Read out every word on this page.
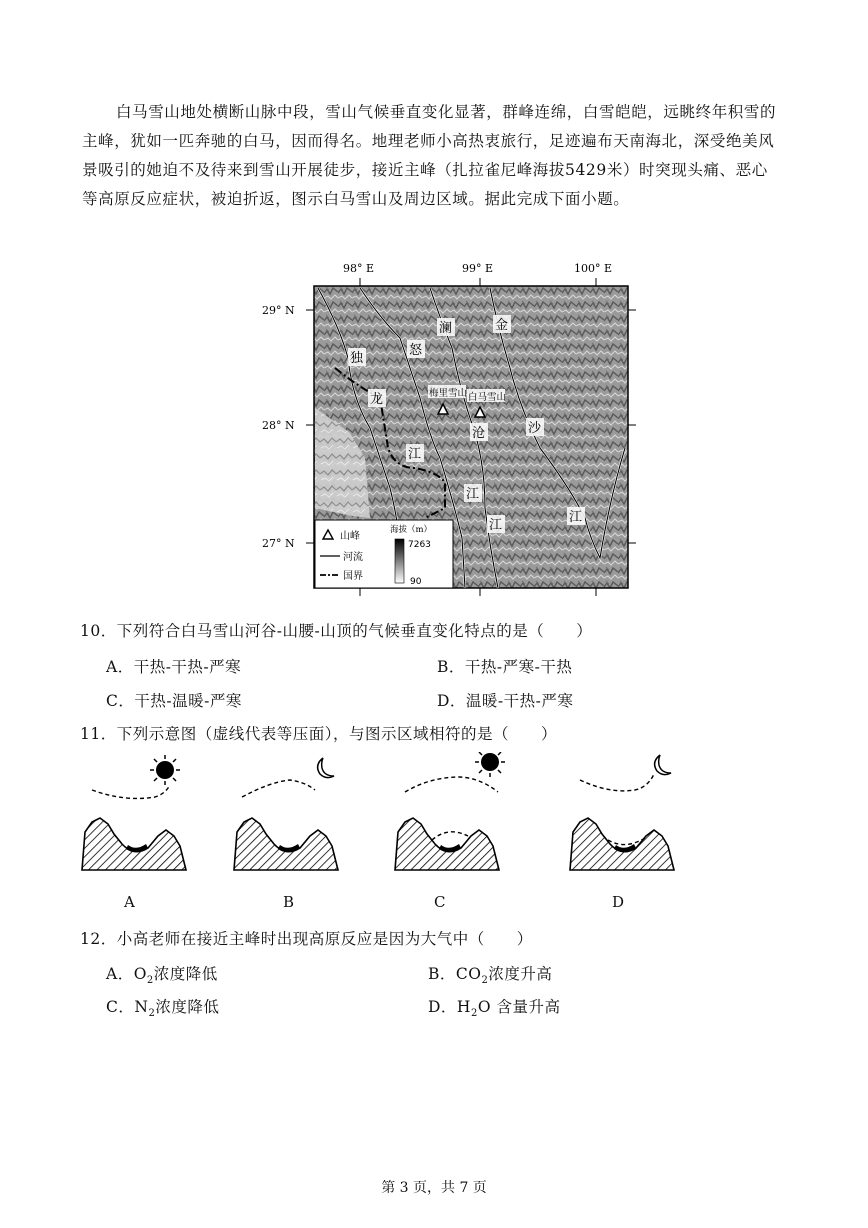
白马雪山地处横断山脉中段，雪山气候垂直变化显著，群峰连绵，白雪皑皑，远眺终年积雪的主峰，犹如一匹奔驰的白马，因而得名。地理老师小高热衷旅行，足迹遍布天南海北，深受绝美风景吸引的她迫不及待来到雪山开展徒步，接近主峰（扎拉雀尼峰海拔5429米）时突现头痛、恶心等高原反应症状，被迫折返，图示白马雪山及周边区域。据此完成下面小题。

独
龙
江
怒
江
澜
沧
江
金
沙
江
梅里雪山 白马雪山
山峰
河流
国界
海拔（m）
7263
90
98° E	99° E	100° E
29° N
28° N
27° N
10．下列符合白马雪山河谷-山腰-山顶的气候垂直变化特点的是（　　）
A．干热-干热-严寒	B．干热-严寒-干热
C．干热-温暖-严寒	D．温暖-干热-严寒
11．下列示意图（虚线代表等压面），与图示区域相符的是（　　）
A	B	C	D
12．小高老师在接近主峰时出现高原反应是因为大气中（　　）
A．$O_2$浓度降低	B．$CO_2$浓度升高
C．$N_2$浓度降低	D．$H_2O$ 含量升高
第 3 页，共 7 页
